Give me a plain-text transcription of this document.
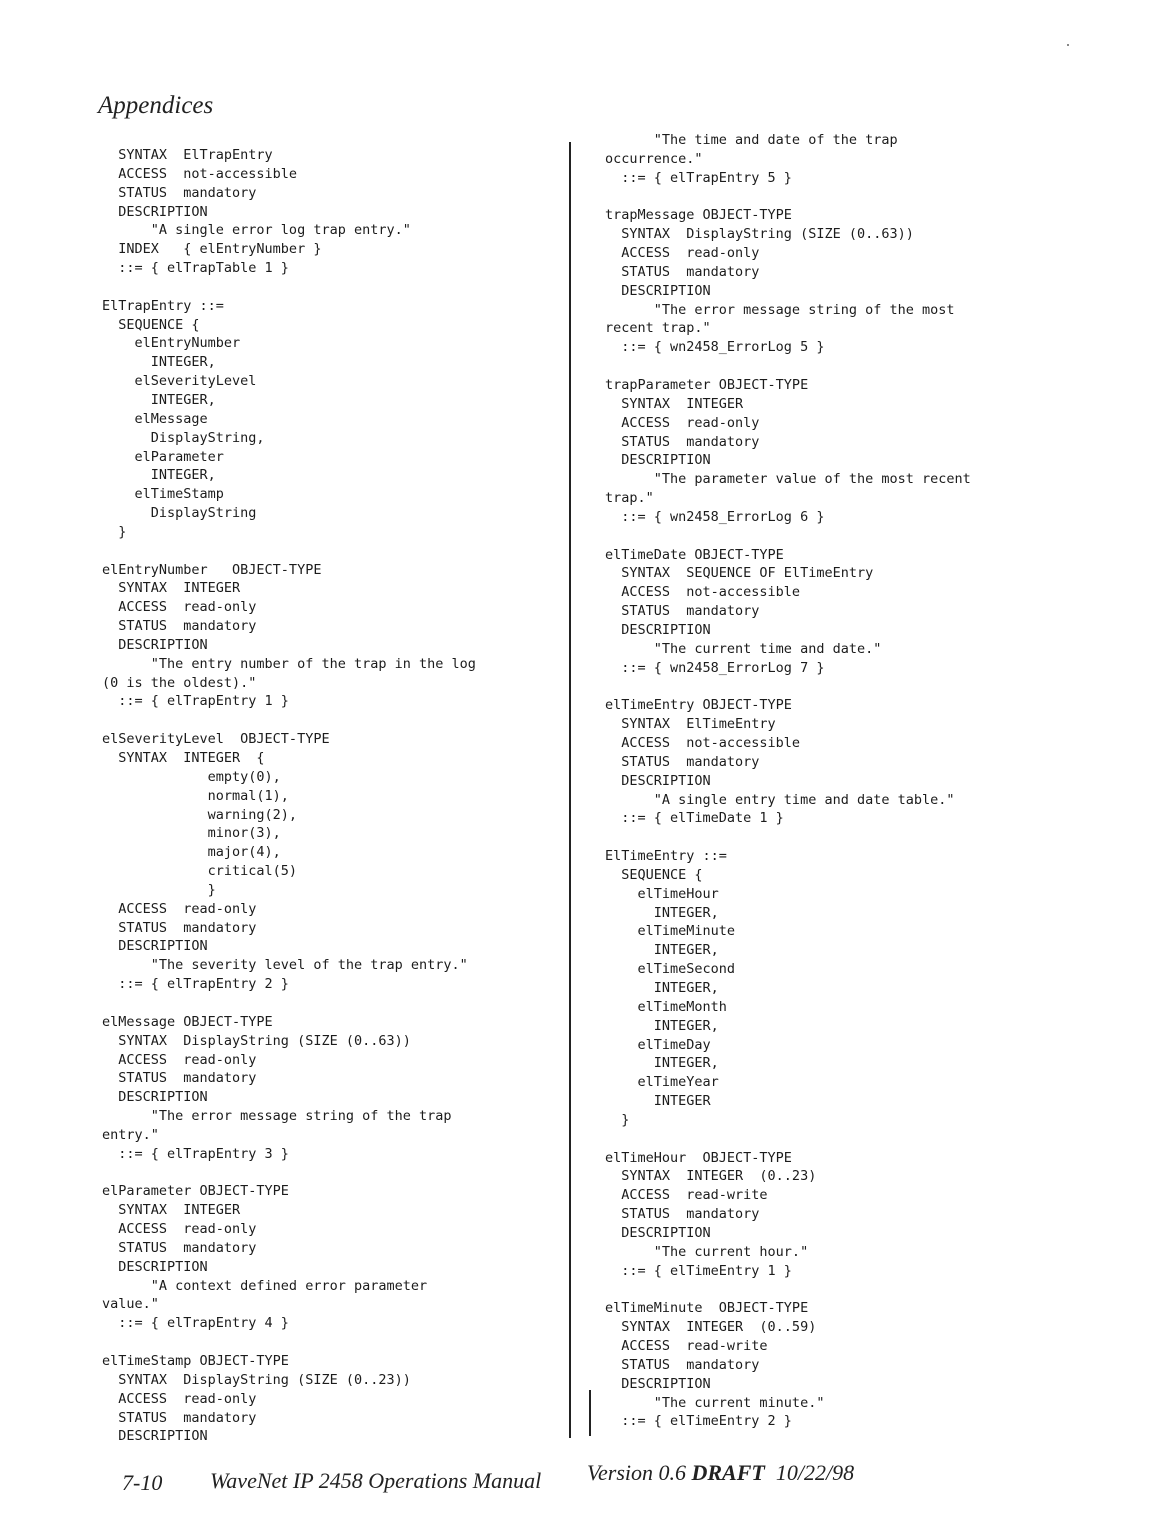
Appendices
SYNTAX  ElTrapEntry
ACCESS  not-accessible
STATUS  mandatory
DESCRIPTION
"A single error log trap entry."
INDEX   { elEntryNumber }
::= { elTrapTable 1 }

ElTrapEntry ::=
SEQUENCE {
elEntryNumber
INTEGER,
elSeverityLevel
INTEGER,
elMessage
DisplayString,
elParameter
INTEGER,
elTimeStamp
DisplayString
}

elEntryNumber   OBJECT-TYPE
SYNTAX  INTEGER
ACCESS  read-only
STATUS  mandatory
DESCRIPTION
"The entry number of the trap in the log
(0 is the oldest)."
::= { elTrapEntry 1 }

elSeverityLevel  OBJECT-TYPE
SYNTAX  INTEGER  {
empty(0),
normal(1),
warning(2),
minor(3),
major(4),
critical(5)
}
ACCESS  read-only
STATUS  mandatory
DESCRIPTION
"The severity level of the trap entry."
::= { elTrapEntry 2 }

elMessage OBJECT-TYPE
SYNTAX  DisplayString (SIZE (0..63))
ACCESS  read-only
STATUS  mandatory
DESCRIPTION
"The error message string of the trap
entry."
::= { elTrapEntry 3 }

elParameter OBJECT-TYPE
SYNTAX  INTEGER
ACCESS  read-only
STATUS  mandatory
DESCRIPTION
"A context defined error parameter
value."
::= { elTrapEntry 4 }

elTimeStamp OBJECT-TYPE
SYNTAX  DisplayString (SIZE (0..23))
ACCESS  read-only
STATUS  mandatory
DESCRIPTION
"The time and date of the trap
occurrence."
::= { elTrapEntry 5 }

trapMessage OBJECT-TYPE
SYNTAX  DisplayString (SIZE (0..63))
ACCESS  read-only
STATUS  mandatory
DESCRIPTION
"The error message string of the most
recent trap."
::= { wn2458_ErrorLog 5 }

trapParameter OBJECT-TYPE
SYNTAX  INTEGER
ACCESS  read-only
STATUS  mandatory
DESCRIPTION
"The parameter value of the most recent
trap."
::= { wn2458_ErrorLog 6 }

elTimeDate OBJECT-TYPE
SYNTAX  SEQUENCE OF ElTimeEntry
ACCESS  not-accessible
STATUS  mandatory
DESCRIPTION
"The current time and date."
::= { wn2458_ErrorLog 7 }

elTimeEntry OBJECT-TYPE
SYNTAX  ElTimeEntry
ACCESS  not-accessible
STATUS  mandatory
DESCRIPTION
"A single entry time and date table."
::= { elTimeDate 1 }

ElTimeEntry ::=
SEQUENCE {
elTimeHour
INTEGER,
elTimeMinute
INTEGER,
elTimeSecond
INTEGER,
elTimeMonth
INTEGER,
elTimeDay
INTEGER,
elTimeYear
INTEGER
}

elTimeHour  OBJECT-TYPE
SYNTAX  INTEGER  (0..23)
ACCESS  read-write
STATUS  mandatory
DESCRIPTION
"The current hour."
::= { elTimeEntry 1 }

elTimeMinute  OBJECT-TYPE
SYNTAX  INTEGER  (0..59)
ACCESS  read-write
STATUS  mandatory
DESCRIPTION
"The current minute."
::= { elTimeEntry 2 }
7-10 WaveNet IP 2458 Operations Manual Version 0.6 DRAFT 10/22/98
